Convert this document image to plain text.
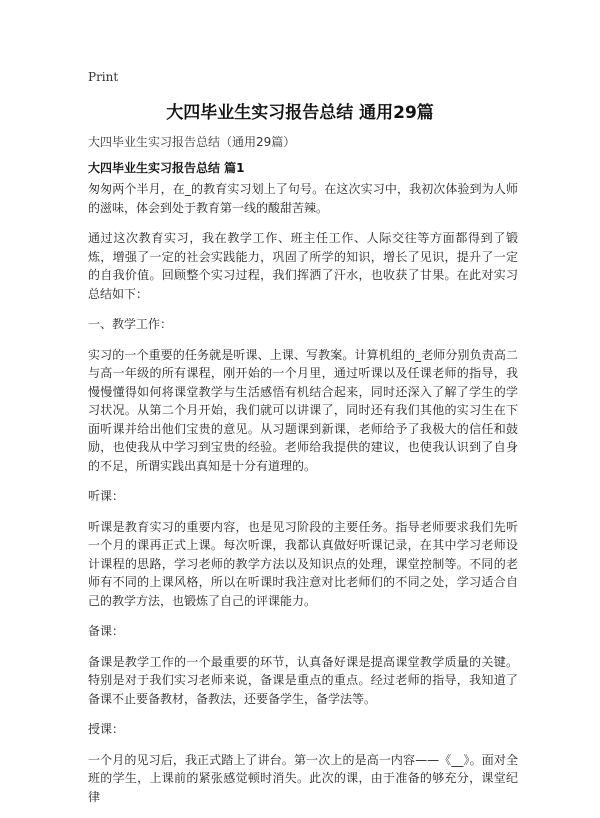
Print
大四毕业生实习报告总结 通用29篇
大四毕业生实习报告总结（通用29篇）
大四毕业生实习报告总结 篇1

匆匆两个半月，在_的教育实习划上了句号。在这次实习中，我初次体验到为人师的滋味，体会到处于教育第一线的酸甜苦辣。

通过这次教育实习，我在教学工作、班主任工作、人际交往等方面都得到了锻炼，增强了一定的社会实践能力，巩固了所学的知识，增长了见识，提升了一定的自我价值。回顾整个实习过程，我们挥洒了汗水，也收获了甘果。在此对实习总结如下：

一、教学工作：

实习的一个重要的任务就是听课、上课、写教案。计算机组的_老师分别负责高二与高一年级的所有课程，刚开始的一个月里，通过听课以及任课老师的指导，我慢慢懂得如何将课堂教学与生活感悟有机结合起来，同时还深入了解了学生的学习状况。从第二个月开始，我们就可以讲课了，同时还有我们其他的实习生在下面听课并给出他们宝贵的意见。从习题课到新课，老师给予了我极大的信任和鼓励，也使我从中学习到宝贵的经验。老师给我提供的建议，也使我认识到了自身的不足，所谓实践出真知是十分有道理的。

听课：

听课是教育实习的重要内容，也是见习阶段的主要任务。指导老师要求我们先听一个月的课再正式上课。每次听课，我都认真做好听课记录，在其中学习老师设计课程的思路，学习老师的教学方法以及知识点的处理，课堂控制等。不同的老师有不同的上课风格，所以在听课时我注意对比老师们的不同之处，学习适合自己的教学方法，也锻炼了自己的评课能力。

备课：

备课是教学工作的一个最重要的环节，认真备好课是提高课堂教学质量的关键。特别是对于我们实习老师来说，备课是重点的重点。经过老师的指导，我知道了备课不止要备教材，备教法，还要备学生，备学法等。

授课：

一个月的见习后，我正式踏上了讲台。第一次上的是高一内容——《__》。面对全班的学生，上课前的紧张感觉顿时消失。此次的课，由于准备的够充分，课堂纪律
